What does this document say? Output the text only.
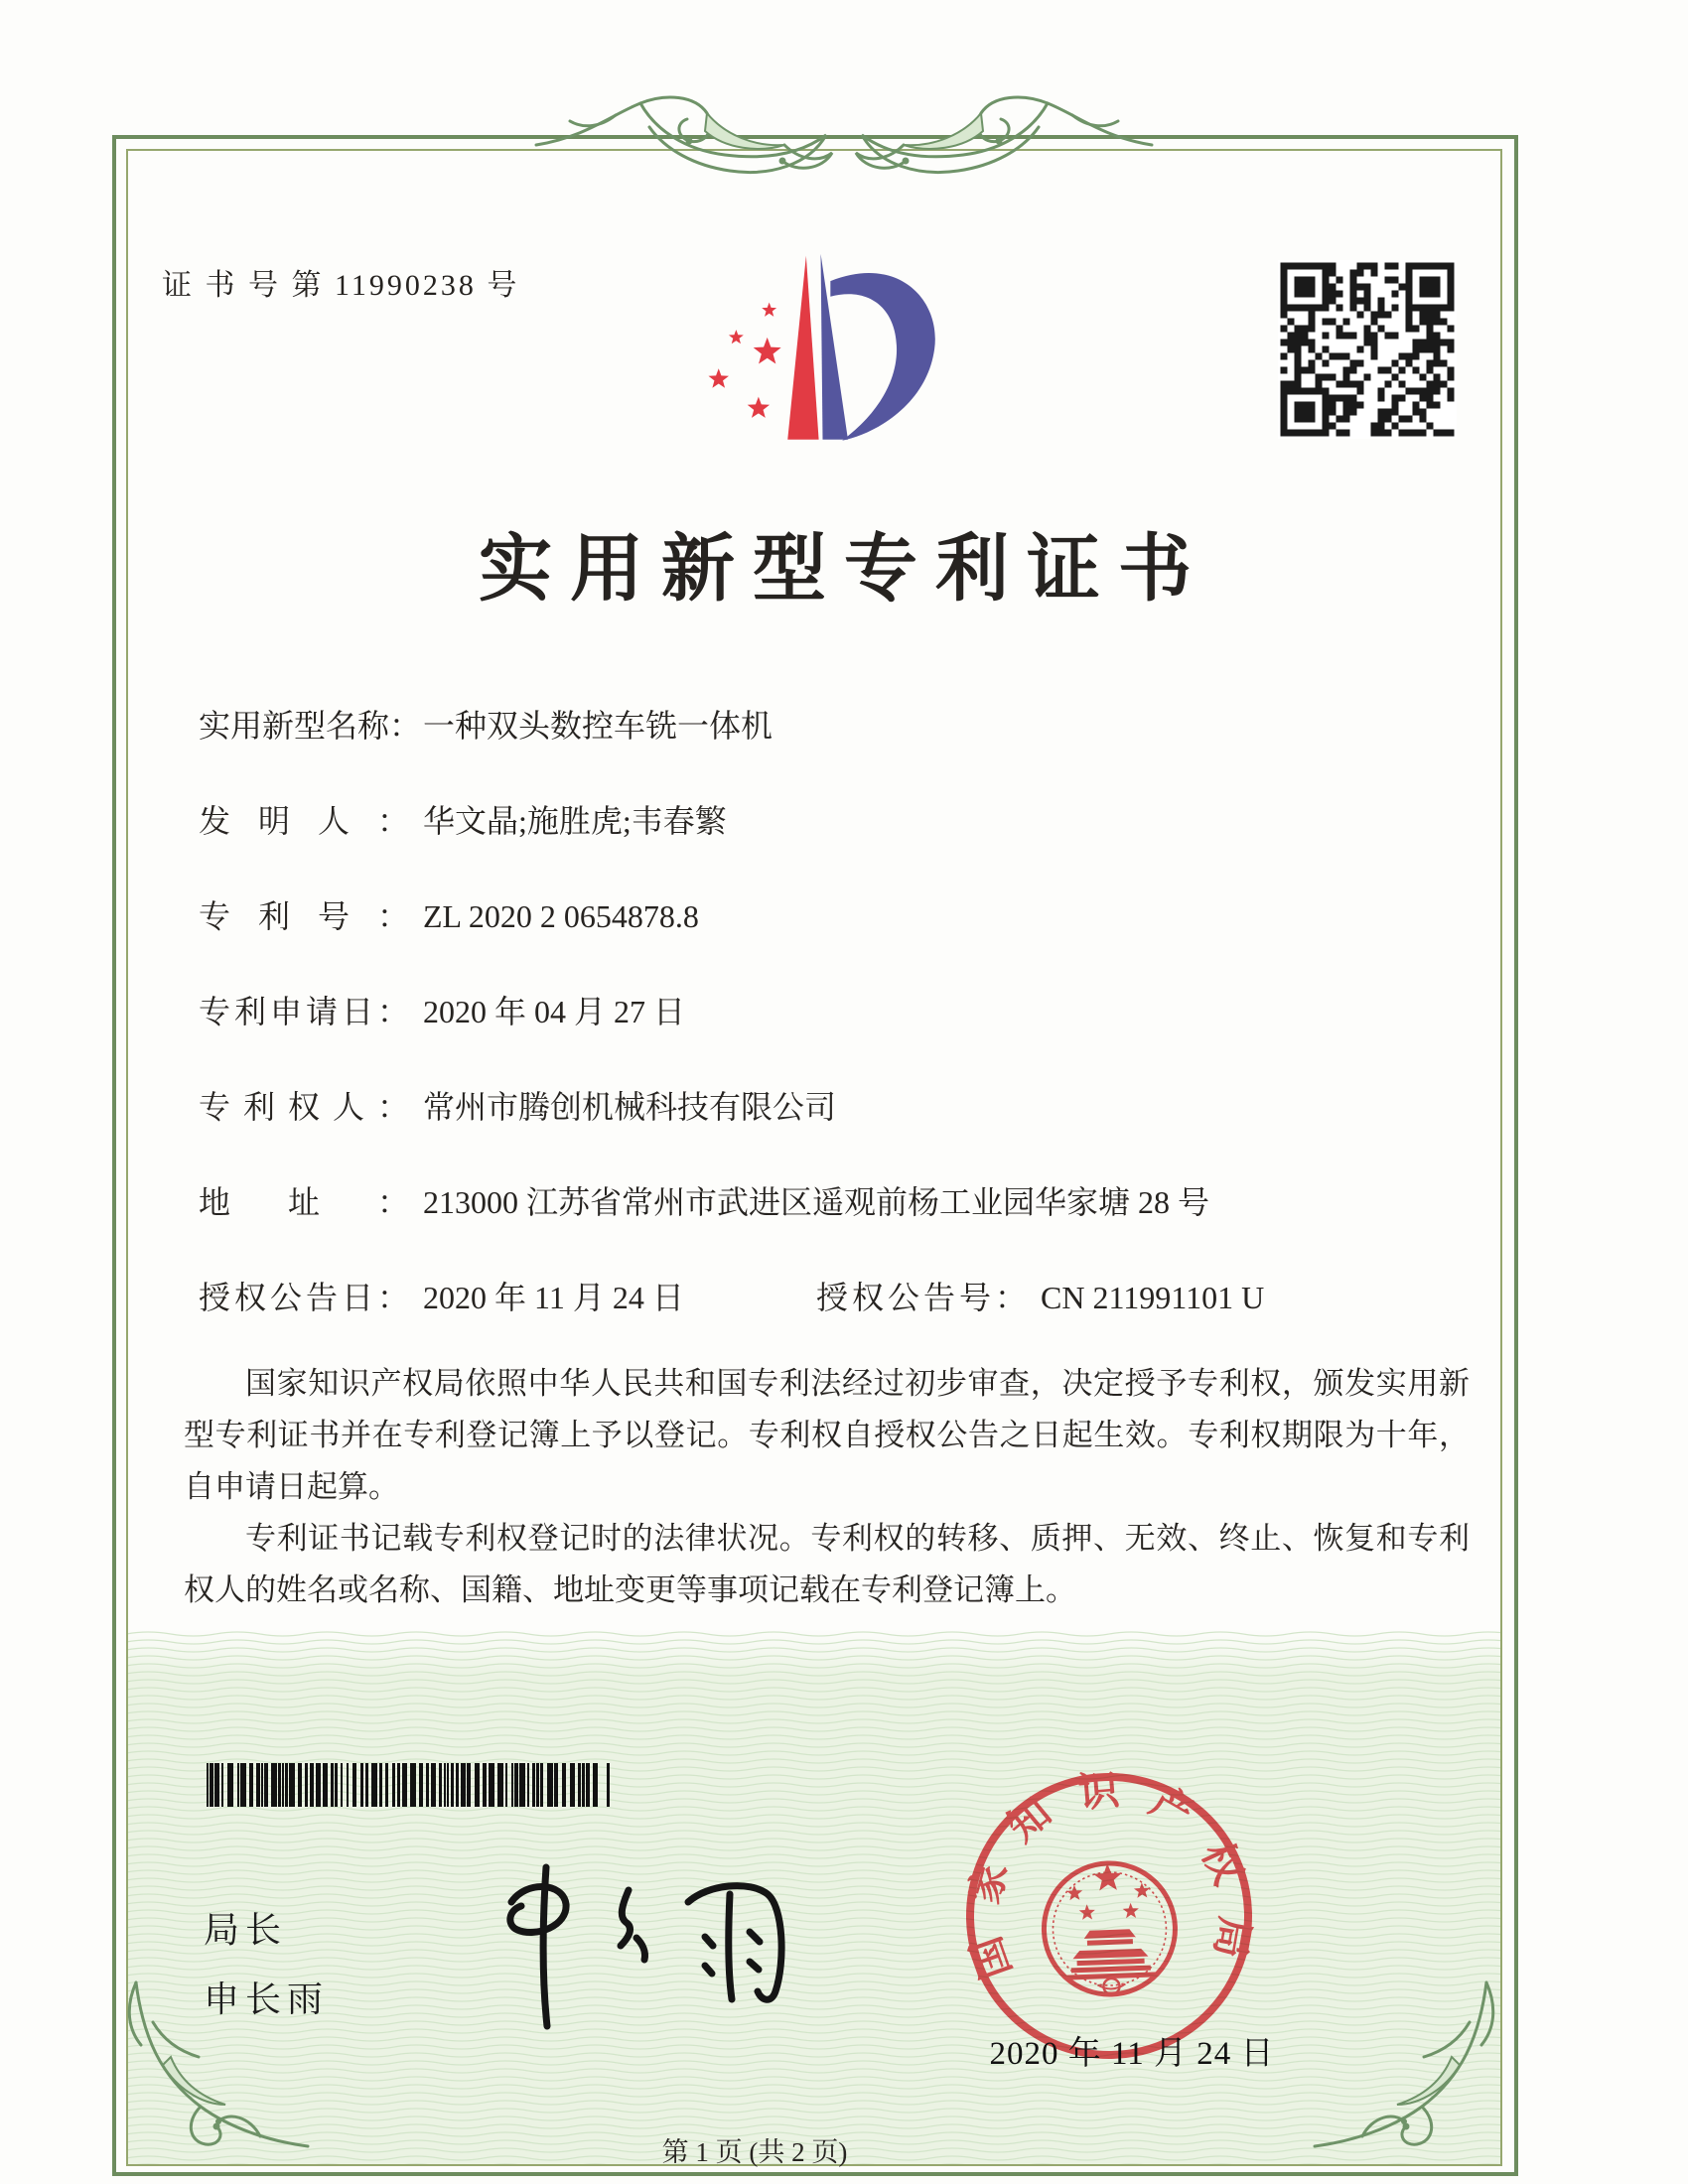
证 书 号 第 11990238 号
实用新型专利证书
实用新型名称：一种双头数控车铣一体机
发明人： 华文晶;施胜虎;韦春繁
专利号： ZL 2020 2 0654878.8
专利申请日： 2020 年 04 月 27 日
专利权人： 常州市腾创机械科技有限公司
地址： 213000 江苏省常州市武进区遥观前杨工业园华家塘 28 号
授权公告日： 2020 年 11 月 24 日	授权公告号： CN 211991101 U

国家知识产权局依照中华人民共和国专利法经过初步审查，决定授予专利权，颁发实用新型专利证书并在专利登记簿上予以登记。专利权自授权公告之日起生效。专利权期限为十年，自申请日起算。

专利证书记载专利权登记时的法律状况。专利权的转移、质押、无效、终止、恢复和专利权人的姓名或名称、国籍、地址变更等事项记载在专利登记簿上。

局长
申长雨
国家知识产权局
2020 年 11 月 24 日
第 1 页 (共 2 页)
